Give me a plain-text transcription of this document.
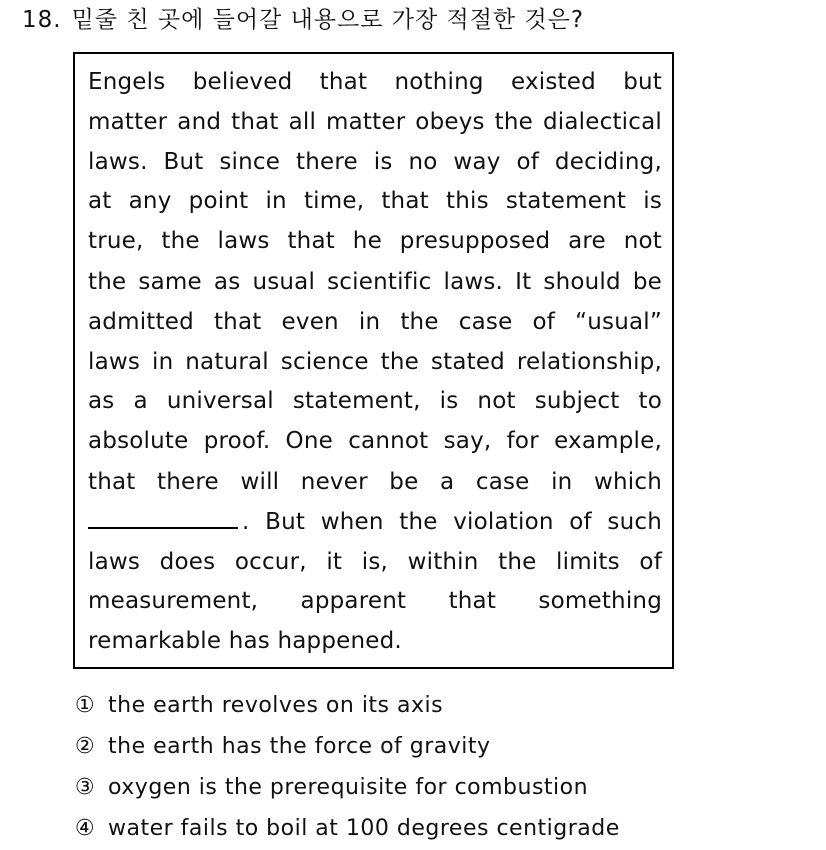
18. 밑줄 친 곳에 들어갈 내용으로 가장 적절한 것은?
Engels believed that nothing existed but
matter and that all matter obeys the dialectical
laws. But since there is no way of deciding,
at any point in time, that this statement is
true, the laws that he presupposed are not
the same as usual scientific laws. It should be
admitted that even in the case of “usual”
laws in natural science the stated relationship,
as a universal statement, is not subject to
absolute proof. One cannot say, for example,
that there will never be a case in which
. But when the violation of such
laws does occur, it is, within the limits of
measurement, apparent that something
remarkable has happened.
① the earth revolves on its axis
② the earth has the force of gravity
③ oxygen is the prerequisite for combustion
④ water fails to boil at 100 degrees centigrade
